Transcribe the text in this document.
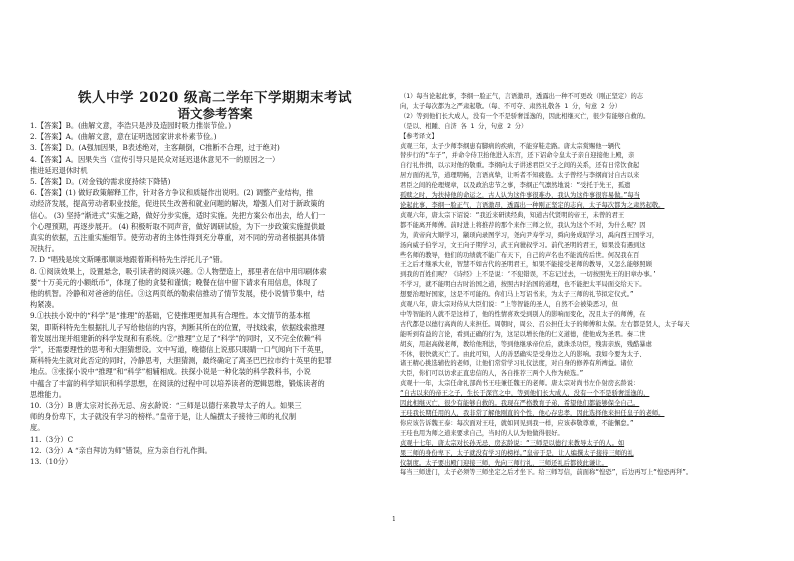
铁人中学 2020 级高二学年下学期期末考试
语文参考答案
1.【答案】B。(曲解文意，李浩只是涉及造园时吸力推崇节俭。)
2.【答案】A。(曲解文意，意在证明选园家讲求朴素节俭。)
3.【答案】D。(A强加因果，B表述绝对，主客颠倒，C推断不合理，过于绝对)
4.【答案】A。因果失当（宣传引导只是民众对延迟退休意见不一的原因之一）
推进延迟退休时机
5.【答案】D。(对金钱的需求度持续下降错)
6.【答案】(1) 做好政策解释工作，针对各方争议和质疑作出说明。(2) 调整产业结构，推
动经济发展，提高劳动者职业技能，促进民生改善和就业问题的解决，增强人们对于新政策的
信心。 (3) 坚持“渐进式”实施之路，做好分步实施，适时实施。先把方案公布出去，给人们一
个心理预期，再逐步展开。 (4) 积极听取不同声音，做好调研试验，为下一步政策实施提供最
真实的依据，五注重实施细节。使劳动者的主体性得到充分尊重，对不同的劳动者根据具体情
况执行。
7. D “唱残是埃文斯睡那顺谈地跟着斯科特先生浮托儿子”错。
8. ①阅读效果上，设置悬念，吸引读者的阅读兴趣。②人物塑造上，那里者在信中用印刷体索
要“十万美元的小额纸币”，体现了他的贪婪和谨慎；晚餐在信中留下请求有用信息，体现了
他的机智。冷静和对爸爸的信任。③这两页纸的勒索信推动了情节发展，使小说情节集中，结
构紧凑。
9.①扶扶小说中的“科学”是“推理”的基础，它使推理更加具有合理性。本文情节的基本框
架，即斯科特先生根据扎儿子写给他信的内容，判断其所在的位置，寻找线索，依据线索推理
着发展出现并组建新的科学发现和有系统。②“推理”立足了“科学”的同时，又不完全依赖“科
学”，还需要理性的思考和大胆猜想设。文中写道，晚德信上说那只眼睛一口气闻向下千英里，
斯科特先生就对此否定的同时，冷静思考，大胆猜测，最终确定了离圣巴巴拉市约十英里的犯罪
地点。③张探小说中“推理”和“科学”相辅相成。扶探小说是一种化装的科学教科书，小说
中蕴含了丰富的科学知识和科学思想，在阅读的过程中可以培养读者的逻辑思维，锻炼读者的
思维能力。
10.（3分）B 唐太宗对长孙无忌、房玄龄说：“三师是以德行来教导太子的人。如果三
师的身份卑下，太子就没有学习的榜样。”皇帝于是，让人编撰太子接待三师的礼仪制
度。
11.（3分）C
12.（3分）A “亲自拜访为师”错误，应为亲自行礼作揖。
13.（10分）
（1）每当论起此事，李纲一脸正气，言语激昂，透露出一种不可更改（刚正坚定）的志
向，太子每次都为之严肃起敬。（每、不可夺、肃然礼敬各 1 分，句意 2 分）
（2）等到他们长大成人，没有一个不是骄奢淫逸的，因此相继灭亡，很少有能够自救的。
（是以、相踵、自济 各 1 分，句意 2 分）
【参考译文】
贞观三年，太子少师李纲患有脚病的疾病，不能穿鞋走路。唐太宗赏赐他一辆代
替步行的“车子”，并命令侍卫抬他进入东宫，还下诏命令皇太子亲自迎接他上殿，亲
自行礼作揖，以示对他的敬重。李纲向太子讲述君臣父子之间的关系，还有日常饮食起
居方面的礼节，道理明畅，言语真挚，让听者不知疲倦。太子曾经与李纲商讨自古以来
君臣之间的伦理规章，以及政治忠节之事，李纲正气凛然地说：“受托于先王，孤遗
孤赎之时，为扶持他的命运之，古人认为这件事很难办，我认为这件事很容易做。”每当
论起此事，李纲一脸正气，言语激昂，透露出一种刚正坚定的志向，太子每次都为之肃然起敬。
贞观六年，唐太宗下诏说：“我近来研读经典，知道古代贤明的帝王，未曾的君王
都不能离开师傅。前时进上将推荐的那个来作三师之位，我认为这个不对，为什么呢？因
为，黄帝向大顺学习，颛顼向录图学习，尧向尹寿学习，舜向务成昭学习，禹向西王国学习，
汤向威子伯学习，文王向子期学习，武王向虢叔学习。前代圣明的君王，如果没有遇到这
些名师的教导，他们的功绩就不能广布天下，自己的声名也不能流传后世。何况我在百
王之后才继承大业，智慧不如古代的圣明君王，如果不能接受老师的教导，又怎么能够照顾
到我的百姓们呢？《诗经》上不是说：‘不犯错误，不忘记过去，一切按照先王的旧章办事。’
不学习，就不能明白古时治国之道，按照古时治国的道理，也不能把太平局面交给天下。
想要治理好国家，这是不可能的。你们马上写诏书来，为太子三师的礼节拟定仪式。”
贞观八年，唐太宗对侍从大臣们说：“上等智能的圣人，自然不会被染恶习，但
中等智能的人就不是这样了，他的性情喜欢受到别人的影响而变化，况且太子的师傅，在
古代都是以德行高尚的人来担任。周朝时，周公、召公担任太子的师傅和太保。左右都是贤人，太子每天
能听到有益的言论，看到正确的行为，这足以增长他的仁义道德，使他成为圣君。秦二世
胡亥，用赵高做老师，教给他刑法，等到他继承帝位后，就诛杀功臣，残害亲族，残酷暴虐
不休，很快就灭亡了。由此可知，人的善恶确实是受身边之人的影响。我如今要为太子、
诸王精心挑选辅佐的老师，让他们常常学习礼仪法度，对自身的修养有所裨益。诸位
大臣，你们可以访求正直忠信的人，各自推荐三两个人作为候选。”
贞观十一年，太宗任命礼部尚书王珪兼任魏王的老师。唐太宗对尚书左仆射房玄龄说：
“自古以来的帝王之子，生长于深宫之中，等到他们长大成人，没有一个不是骄奢淫逸的，
因此相继灭亡，很少有能够自救的。我现在严格教育子弟，希望他们都能够保全自己。
王珪我长期任用的人，我非常了解他刚直的个性，他心存忠孝，因此选择他来担任皇子的老师。
你应该告诉魏王泰：每次面对王珪，就如同见到我一样，应该恭敬尊重，不能懈怠。”
王珪也用为师之道来要求自己，当时的人认为他做得很好。
贞观十七年，唐太宗对长孙无忌、房玄龄说：“三师是以德行来教导太子的人。如
果三师的身份卑下，太子就没有学习的榜样。”皇帝于是，让人编撰太子接待三师的礼
仪制度。太子要出殿门迎接三师，先向三师行礼，三师还礼后都彼此谦让。
每当三师进门，太子必须等三师坐定之后才坐下。给三师写信，前面称“惶恐”，后边再写上“惶恐再拜”。
1
